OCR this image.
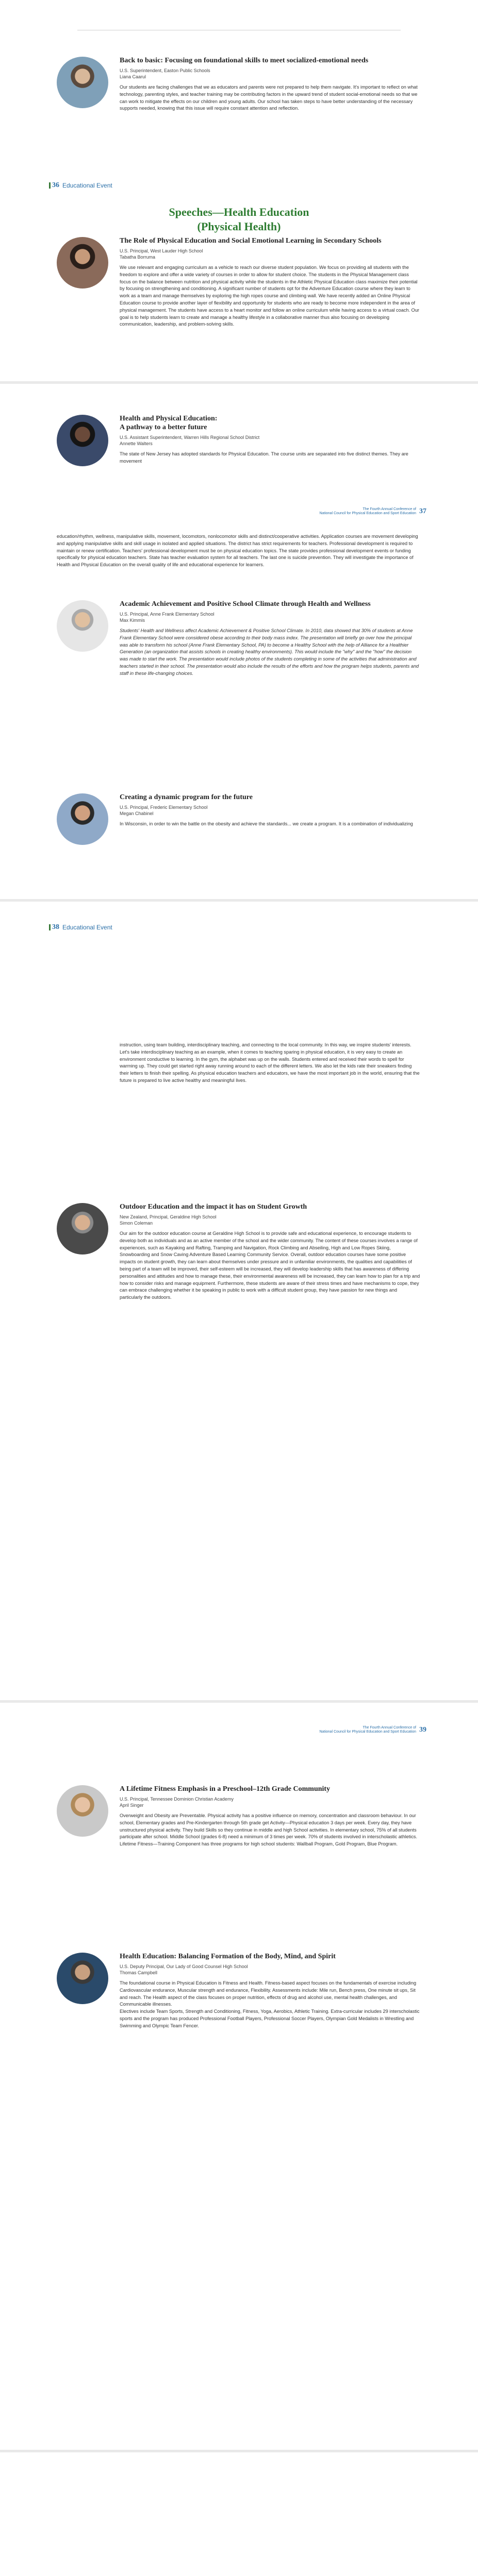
Back to basic: Focusing on foundational skills to meet socialized-emotional needs
U.S. Superintendent, Easton Public Schools
Liana Caarul

Our students are facing challenges that we as educators and parents were not prepared to help them navigate. It's important to reflect on what technology, parenting styles, and teacher training may be contributing factors in the upward trend of student social-emotional needs so that we can work to mitigate the effects on our children and young adults. Our school has taken steps to have better understanding of the necessary supports needed, knowing that this issue will require constant attention and reflection.

36 Educational Event
Speeches—Health Education
(Physical Health)
The Role of Physical Education and Social Emotional Learning in Secondary Schools
U.S. Principal, West Lauder High School
Tabatha Borruma

We use relevant and engaging curriculum as a vehicle to reach our diverse student population. We focus on providing all students with the freedom to explore and offer a wide variety of courses in order to allow for student choice. The students in the Physical Management class focus on the balance between nutrition and physical activity while the students in the Athletic Physical Education class maximize their potential by focusing on strengthening and conditioning. A significant number of students opt for the Adventure Education course where they learn to work as a team and manage themselves by exploring the high ropes course and climbing wall. We have recently added an Online Physical Education course to provide another layer of flexibility and opportunity for students who are ready to become more independent in the area of physical management. The students have access to a heart monitor and follow an online curriculum while having access to a virtual coach. Our goal is to help students learn to create and manage a healthy lifestyle in a collaborative manner thus also focusing on developing communication, leadership, and problem-solving skills.

Health and Physical Education:
A pathway to a better future
U.S. Assistant Superintendent, Warren Hills Regional School District
Annette Walters

The state of New Jersey has adopted standards for Physical Education. The course units are separated into five distinct themes. They are movement

The Fourth Annual Conference of
National Council for Physical Education and Sport Education 37

education/rhythm, wellness, manipulative skills, movement, locomotors, nonlocomotor skills and distinct/cooperative activities. Application courses are movement developing and applying manipulative skills and skill usage in isolated and applied situations. The district has strict requirements for teachers. Professional development is required to maintain or renew certification. Teachers' professional development must be on physical education topics. The state provides professional development events or funding specifically for physical education teachers. State has teacher evaluation system for all teachers. The last one is suicide prevention. They will investigate the importance of Health and Physical Education on the overall quality of life and educational experience for learners.

Academic Achievement and Positive School Climate through Health and Wellness
U.S. Principal, Anne Frank Elementary School
Max Kimmis

Students' Health and Wellness affect Academic Achievement & Positive School Climate. In 2010, data showed that 30% of students at Anne Frank Elementary School were considered obese according to their body mass index. The presentation will briefly go over how the principal was able to transform his school (Anne Frank Elementary School, PA) to become a Healthy School with the help of Alliance for a Healthier Generation (an organization that assists schools in creating healthy environments). This would include the "why" and the "how" the decision was made to start the work. The presentation would include photos of the students completing in some of the activities that administration and teachers started in their school. The presentation would also include the results of the efforts and how the program helps students, parents and staff in these life-changing choices.

Creating a dynamic program for the future
U.S. Principal, Frederic Elementary School
Megan Chabinel

In Wisconsin, in order to win the battle on the obesity and achieve the standards... we create a program. It is a combination of individualizing

38 Educational Event

instruction, using team building, interdisciplinary teaching, and connecting to the local community. In this way, we inspire students' interests. Let's take interdisciplinary teaching as an example, when it comes to teaching sparing in physical education, it is very easy to create an environment conductive to learning. In the gym, the alphabet was up on the walls. Students entered and received their words to spell for warming up. They could get started right away running around to each of the different letters. We also let the kids rate their sneakers finding their letters to finish their spelling. As physical education teachers and educators, we have the most important job in the world, ensuring that the future is prepared to live active healthy and meaningful lives.

Outdoor Education and the impact it has on Student Growth
New Zealand, Principal, Geraldine High School
Simon Coleman

Our aim for the outdoor education course at Geraldine High School is to provide safe and educational experience, to encourage students to develop both as individuals and as an active member of the school and the wider community. The content of these courses involves a range of experiences, such as Kayaking and Rafting, Tramping and Navigation, Rock Climbing and Abseiling, High and Low Ropes Skiing, Snowboarding and Snow Caving Adventure Based Learning Community Service. Overall, outdoor education courses have some positive impacts on student growth, they can learn about themselves under pressure and in unfamiliar environments, the qualities and capabilities of being part of a team will be improved, their self-esteem will be increased, they will develop leadership skills that has awareness of differing personalities and attitudes and how to manage these, their environmental awareness will be increased, they can learn how to plan for a trip and how to consider risks and manage equipment. Furthermore, these students are aware of their stress times and have mechanisms to cope, they can embrace challenging whether it be speaking in public to work with a difficult student group, they have passion for new things and particularly the outdoors.

The Fourth Annual Conference of
National Council for Physical Education and Sport Education 39
A Lifetime Fitness Emphasis in a Preschool–12th Grade Community
U.S. Principal, Tennessee Dominion Christian Academy
April Singer

Overweight and Obesity are Preventable. Physical activity has a positive influence on memory, concentration and classroom behaviour. In our school, Elementary grades and Pre-Kindergarten through 5th grade get Activity—Physical education 3 days per week. Every day, they have unstructured physical activity. They build Skills so they continue in middle and high School activities. In elementary school, 75% of all students participate after school. Middle School (grades 6-8) need a minimum of 3 times per week. 70% of students involved in interscholastic athletics. Lifetime Fitness—Training Component has three programs for high school students: Wallball Program, Gold Program, Blue Program.

Health Education: Balancing Formation of the Body, Mind, and Spirit
U.S. Deputy Principal, Our Lady of Good Counsel High School
Thomas Campbell

The foundational course in Physical Education is Fitness and Health. Fitness-based aspect focuses on the fundamentals of exercise including Cardiovascular endurance, Muscular strength and endurance, Flexibility. Assessments include: Mile run, Bench press, One minute sit ups, Sit and reach. The Health aspect of the class focuses on proper nutrition, effects of drug and alcohol use, mental health challenges, and Communicable illnesses.
Electives include Team Sports, Strength and Conditioning, Fitness, Yoga, Aerobics, Athletic Training. Extra-curricular includes 29 interscholastic sports and the program has produced Professional Football Players, Professional Soccer Players, Olympian Gold Medalists in Wrestling and Swimming and Olympic Team Fencer.
